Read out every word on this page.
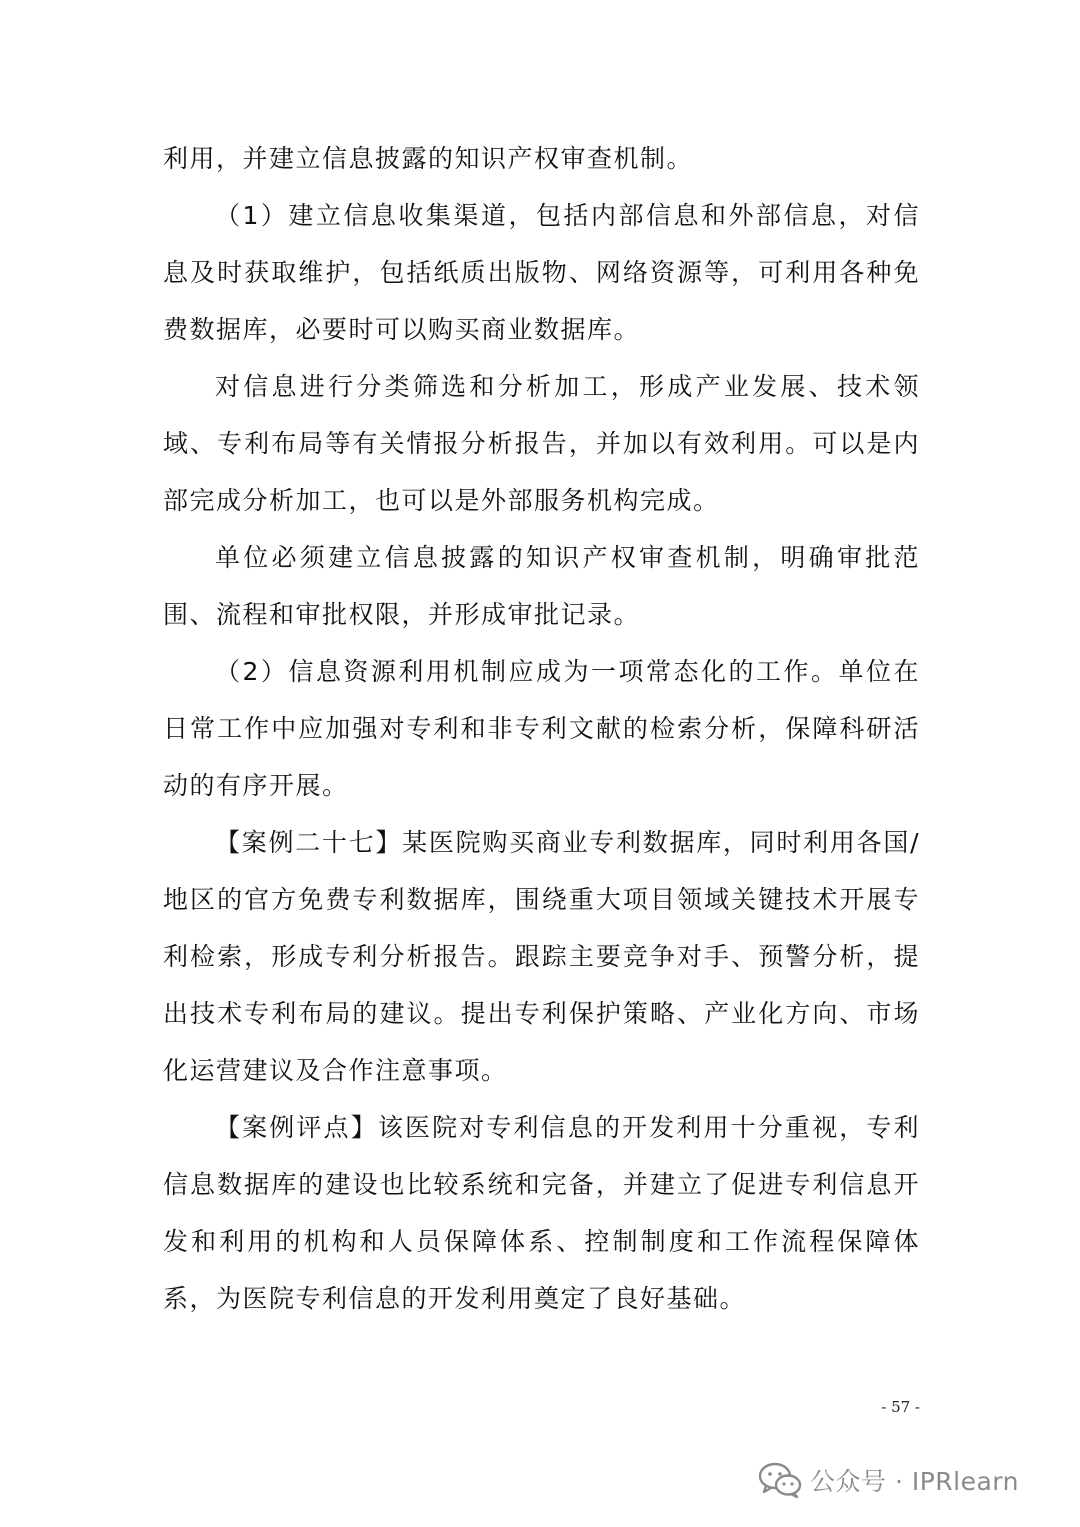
利用，并建立信息披露的知识产权审查机制。

（1）建立信息收集渠道，包括内部信息和外部信息，对信息及时获取维护，包括纸质出版物、网络资源等，可利用各种免费数据库，必要时可以购买商业数据库。

对信息进行分类筛选和分析加工，形成产业发展、技术领域、专利布局等有关情报分析报告，并加以有效利用。可以是内部完成分析加工，也可以是外部服务机构完成。

单位必须建立信息披露的知识产权审查机制，明确审批范围、流程和审批权限，并形成审批记录。

（2）信息资源利用机制应成为一项常态化的工作。单位在日常工作中应加强对专利和非专利文献的检索分析，保障科研活动的有序开展。

【案例二十七】某医院购买商业专利数据库，同时利用各国/地区的官方免费专利数据库，围绕重大项目领域关键技术开展专利检索，形成专利分析报告。跟踪主要竞争对手、预警分析，提出技术专利布局的建议。提出专利保护策略、产业化方向、市场化运营建议及合作注意事项。

【案例评点】该医院对专利信息的开发利用十分重视，专利信息数据库的建设也比较系统和完备，并建立了促进专利信息开发和利用的机构和人员保障体系、控制制度和工作流程保障体系，为医院专利信息的开发利用奠定了良好基础。

- 57 -
公众号 · IPRlearn
